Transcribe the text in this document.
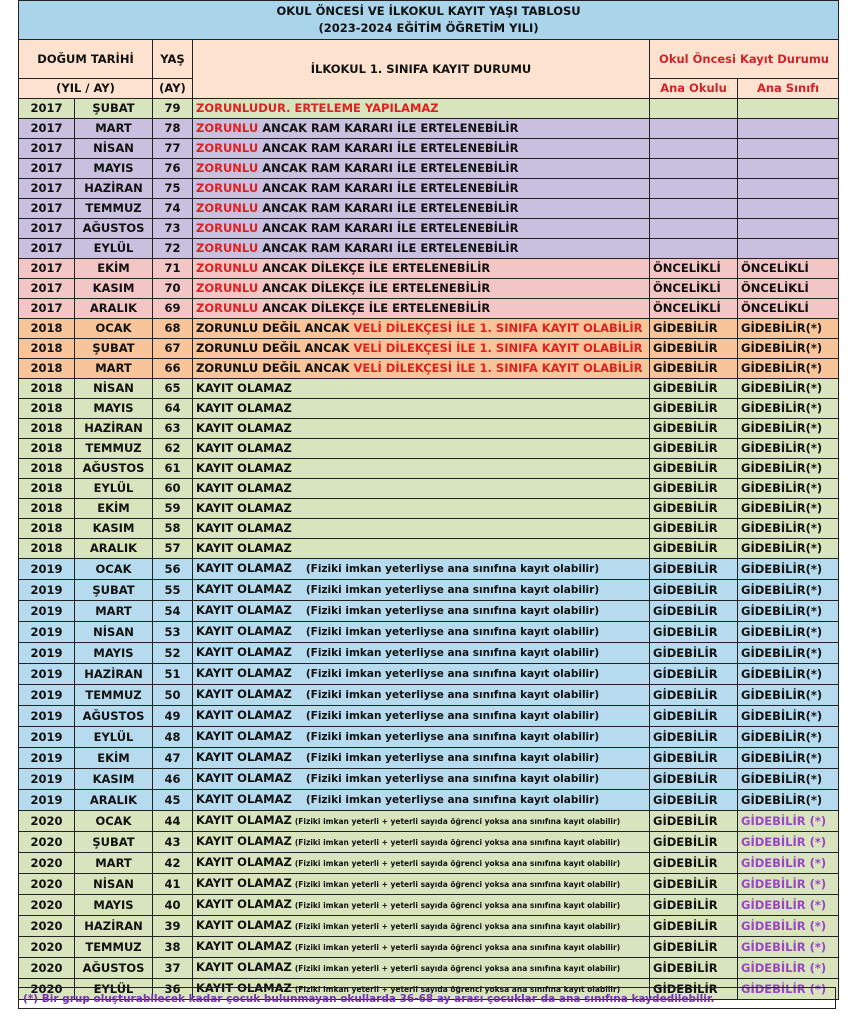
OKUL ÖNCESİ VE İLKOKUL KAYIT YAŞI TABLOSU
(2023-2024 EĞİTİM ÖĞRETİM YILI)					

DOĞUM TARİHİ		YAŞ	İLKOKUL 1. SINIFA KAYIT DURUMU	Okul Öncesi Kayıt Durumu	
(YIL / AY)		(AY)		Ana Okulu	Ana Sınıfı
2017	ŞUBAT	79	ZORUNLUDUR. ERTELEME YAPILAMAZ		
2017	MART	78	ZORUNLU ANCAK RAM KARARI İLE ERTELENEBİLİR		
2017	NİSAN	77	ZORUNLU ANCAK RAM KARARI İLE ERTELENEBİLİR		
2017	MAYIS	76	ZORUNLU ANCAK RAM KARARI İLE ERTELENEBİLİR		
2017	HAZİRAN	75	ZORUNLU ANCAK RAM KARARI İLE ERTELENEBİLİR		
2017	TEMMUZ	74	ZORUNLU ANCAK RAM KARARI İLE ERTELENEBİLİR		
2017	AĞUSTOS	73	ZORUNLU ANCAK RAM KARARI İLE ERTELENEBİLİR		
2017	EYLÜL	72	ZORUNLU ANCAK RAM KARARI İLE ERTELENEBİLİR		
2017	EKİM	71	ZORUNLU ANCAK DİLEKÇE İLE ERTELENEBİLİR	ÖNCELİKLİ	ÖNCELİKLİ
2017	KASIM	70	ZORUNLU ANCAK DİLEKÇE İLE ERTELENEBİLİR	ÖNCELİKLİ	ÖNCELİKLİ
2017	ARALIK	69	ZORUNLU ANCAK DİLEKÇE İLE ERTELENEBİLİR	ÖNCELİKLİ	ÖNCELİKLİ
2018	OCAK	68	ZORUNLU DEĞİL ANCAK VELİ DİLEKÇESİ İLE 1. SINIFA KAYIT OLABİLİR	GİDEBİLİR	GİDEBİLİR(*)
2018	ŞUBAT	67	ZORUNLU DEĞİL ANCAK VELİ DİLEKÇESİ İLE 1. SINIFA KAYIT OLABİLİR	GİDEBİLİR	GİDEBİLİR(*)
2018	MART	66	ZORUNLU DEĞİL ANCAK VELİ DİLEKÇESİ İLE 1. SINIFA KAYIT OLABİLİR	GİDEBİLİR	GİDEBİLİR(*)
2018	NİSAN	65	KAYIT OLAMAZ	GİDEBİLİR	GİDEBİLİR(*)
2018	MAYIS	64	KAYIT OLAMAZ	GİDEBİLİR	GİDEBİLİR(*)
2018	HAZİRAN	63	KAYIT OLAMAZ	GİDEBİLİR	GİDEBİLİR(*)
2018	TEMMUZ	62	KAYIT OLAMAZ	GİDEBİLİR	GİDEBİLİR(*)
2018	AĞUSTOS	61	KAYIT OLAMAZ	GİDEBİLİR	GİDEBİLİR(*)
2018	EYLÜL	60	KAYIT OLAMAZ	GİDEBİLİR	GİDEBİLİR(*)
2018	EKİM	59	KAYIT OLAMAZ	GİDEBİLİR	GİDEBİLİR(*)
2018	KASIM	58	KAYIT OLAMAZ	GİDEBİLİR	GİDEBİLİR(*)
2018	ARALIK	57	KAYIT OLAMAZ	GİDEBİLİR	GİDEBİLİR(*)
2019	OCAK	56	KAYIT OLAMAZ (Fiziki imkan yeterliyse ana sınıfına kayıt olabilir)	GİDEBİLİR	GİDEBİLİR(*)
2019	ŞUBAT	55	KAYIT OLAMAZ (Fiziki imkan yeterliyse ana sınıfına kayıt olabilir)	GİDEBİLİR	GİDEBİLİR(*)
2019	MART	54	KAYIT OLAMAZ (Fiziki imkan yeterliyse ana sınıfına kayıt olabilir)	GİDEBİLİR	GİDEBİLİR(*)
2019	NİSAN	53	KAYIT OLAMAZ (Fiziki imkan yeterliyse ana sınıfına kayıt olabilir)	GİDEBİLİR	GİDEBİLİR(*)
2019	MAYIS	52	KAYIT OLAMAZ (Fiziki imkan yeterliyse ana sınıfına kayıt olabilir)	GİDEBİLİR	GİDEBİLİR(*)
2019	HAZİRAN	51	KAYIT OLAMAZ (Fiziki imkan yeterliyse ana sınıfına kayıt olabilir)	GİDEBİLİR	GİDEBİLİR(*)
2019	TEMMUZ	50	KAYIT OLAMAZ (Fiziki imkan yeterliyse ana sınıfına kayıt olabilir)	GİDEBİLİR	GİDEBİLİR(*)
2019	AĞUSTOS	49	KAYIT OLAMAZ (Fiziki imkan yeterliyse ana sınıfına kayıt olabilir)	GİDEBİLİR	GİDEBİLİR(*)
2019	EYLÜL	48	KAYIT OLAMAZ (Fiziki imkan yeterliyse ana sınıfına kayıt olabilir)	GİDEBİLİR	GİDEBİLİR(*)
2019	EKİM	47	KAYIT OLAMAZ (Fiziki imkan yeterliyse ana sınıfına kayıt olabilir)	GİDEBİLİR	GİDEBİLİR(*)
2019	KASIM	46	KAYIT OLAMAZ (Fiziki imkan yeterliyse ana sınıfına kayıt olabilir)	GİDEBİLİR	GİDEBİLİR(*)
2019	ARALIK	45	KAYIT OLAMAZ (Fiziki imkan yeterliyse ana sınıfına kayıt olabilir)	GİDEBİLİR	GİDEBİLİR(*)
2020	OCAK	44	KAYIT OLAMAZ (Fiziki imkan yeterli + yeterli sayıda öğrenci yoksa ana sınıfına kayıt olabilir)	GİDEBİLİR	GİDEBİLİR (*)
2020	ŞUBAT	43	KAYIT OLAMAZ (Fiziki imkan yeterli + yeterli sayıda öğrenci yoksa ana sınıfına kayıt olabilir)	GİDEBİLİR	GİDEBİLİR (*)
2020	MART	42	KAYIT OLAMAZ (Fiziki imkan yeterli + yeterli sayıda öğrenci yoksa ana sınıfına kayıt olabilir)	GİDEBİLİR	GİDEBİLİR (*)
2020	NİSAN	41	KAYIT OLAMAZ (Fiziki imkan yeterli + yeterli sayıda öğrenci yoksa ana sınıfına kayıt olabilir)	GİDEBİLİR	GİDEBİLİR (*)
2020	MAYIS	40	KAYIT OLAMAZ (Fiziki imkan yeterli + yeterli sayıda öğrenci yoksa ana sınıfına kayıt olabilir)	GİDEBİLİR	GİDEBİLİR (*)
2020	HAZİRAN	39	KAYIT OLAMAZ (Fiziki imkan yeterli + yeterli sayıda öğrenci yoksa ana sınıfına kayıt olabilir)	GİDEBİLİR	GİDEBİLİR (*)
2020	TEMMUZ	38	KAYIT OLAMAZ (Fiziki imkan yeterli + yeterli sayıda öğrenci yoksa ana sınıfına kayıt olabilir)	GİDEBİLİR	GİDEBİLİR (*)
2020	AĞUSTOS	37	KAYIT OLAMAZ (Fiziki imkan yeterli + yeterli sayıda öğrenci yoksa ana sınıfına kayıt olabilir)	GİDEBİLİR	GİDEBİLİR (*)
2020	EYLÜL	36	KAYIT OLAMAZ (Fiziki imkan yeterli + yeterli sayıda öğrenci yoksa ana sınıfına kayıt olabilir)	GİDEBİLİR	GİDEBİLİR (*)
(*) Bir grup oluşturabilecek kadar çocuk bulunmayan okullarda 36-68 ay arası çocuklar da ana sınıfına kaydedilebilir.
